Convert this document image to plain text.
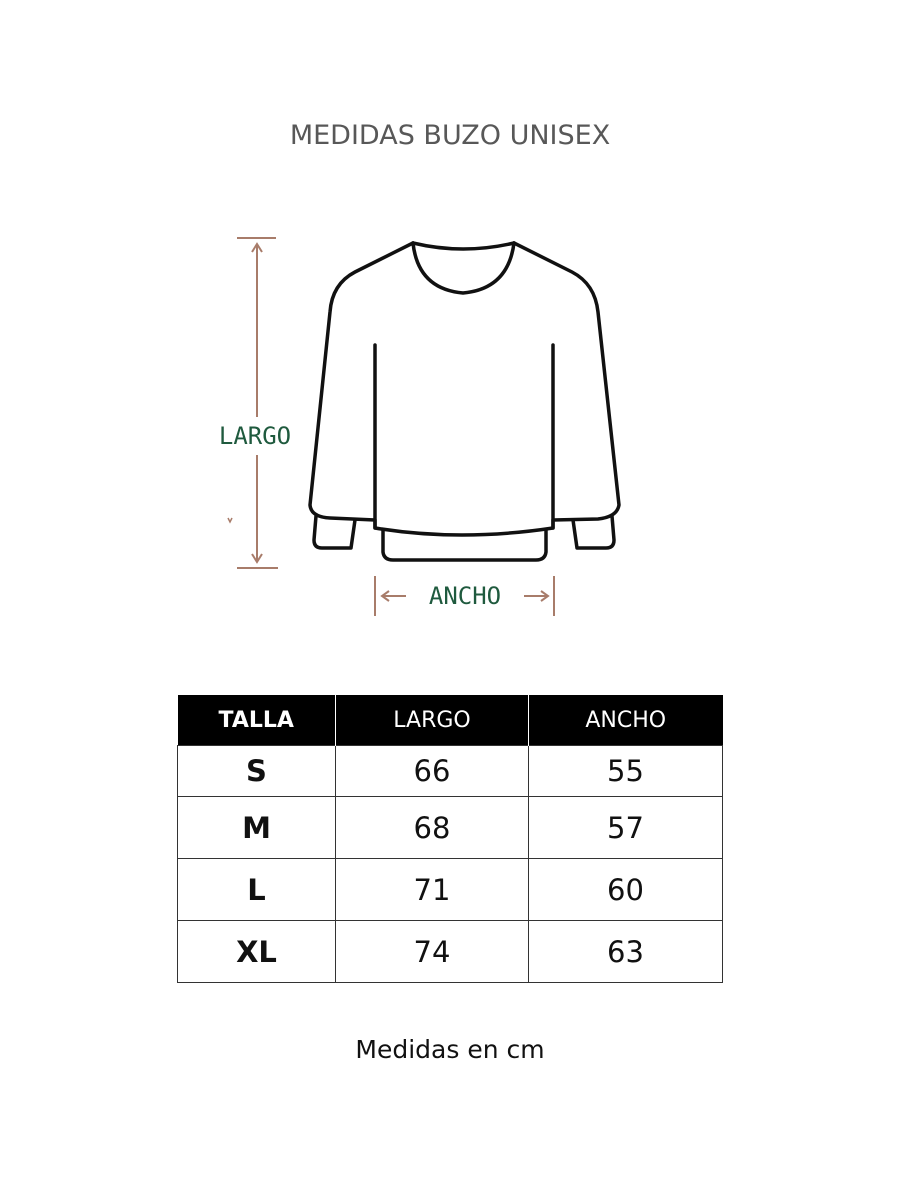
MEDIDAS BUZO UNISEX
LARGO
ANCHO
TALLA	LARGO	ANCHO
S	66	55
M	68	57
L	71	60
XL	74	63
Medidas en cm
